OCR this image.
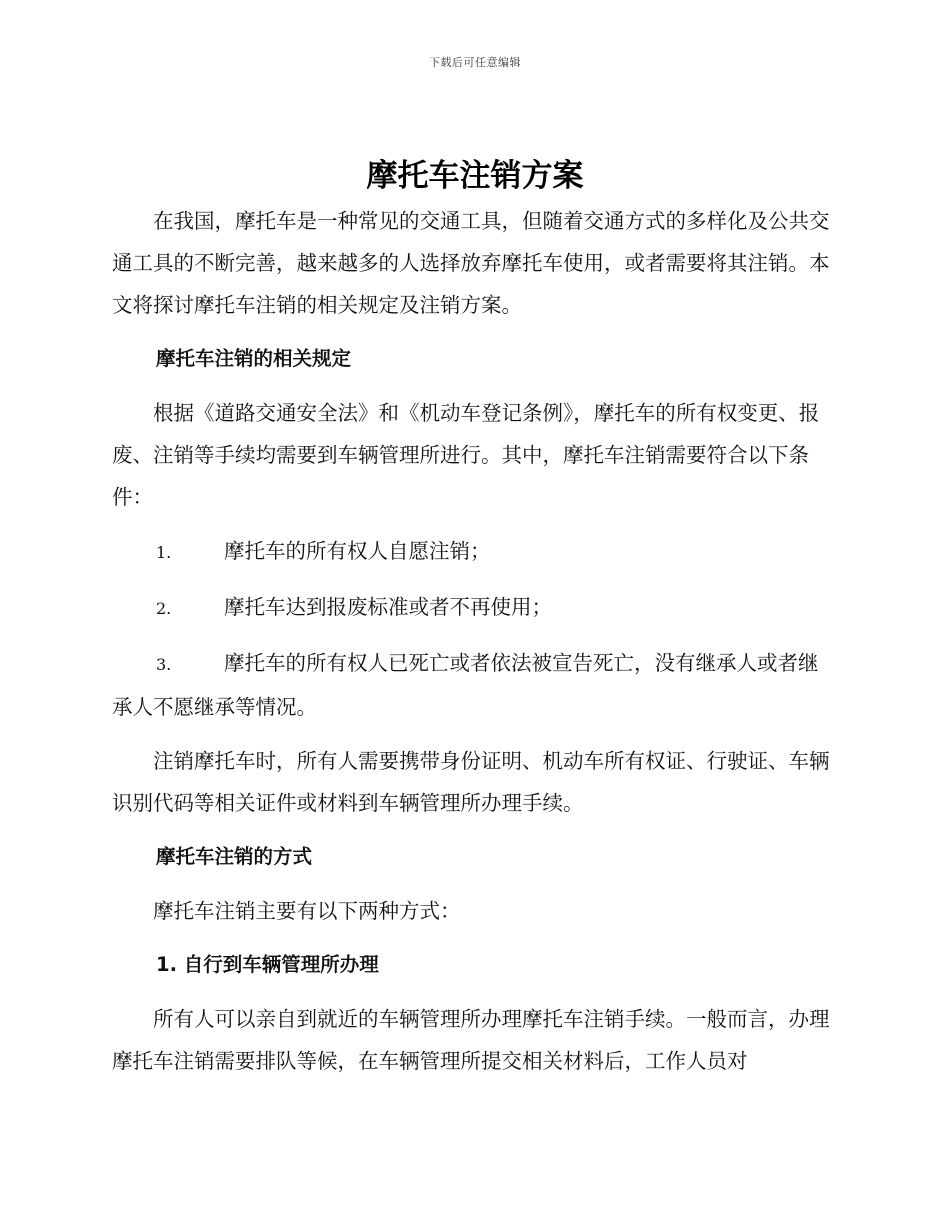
下载后可任意编辑
摩托车注销方案

在我国，摩托车是一种常见的交通工具，但随着交通方式的多样化及公共交通工具的不断完善，越来越多的人选择放弃摩托车使用，或者需要将其注销。本文将探讨摩托车注销的相关规定及注销方案。

摩托车注销的相关规定

根据《道路交通安全法》和《机动车登记条例》，摩托车的所有权变更、报废、注销等手续均需要到车辆管理所进行。其中，摩托车注销需要符合以下条件：

1.	摩托车的所有权人自愿注销；

2.	摩托车达到报废标准或者不再使用；

3.	摩托车的所有权人已死亡或者依法被宣告死亡，没有继承人或者继承人不愿继承等情况。

注销摩托车时，所有人需要携带身份证明、机动车所有权证、行驶证、车辆识别代码等相关证件或材料到车辆管理所办理手续。

摩托车注销的方式

摩托车注销主要有以下两种方式：

1. 自行到车辆管理所办理

所有人可以亲自到就近的车辆管理所办理摩托车注销手续。一般而言，办理摩托车注销需要排队等候，在车辆管理所提交相关材料后，工作人员对
